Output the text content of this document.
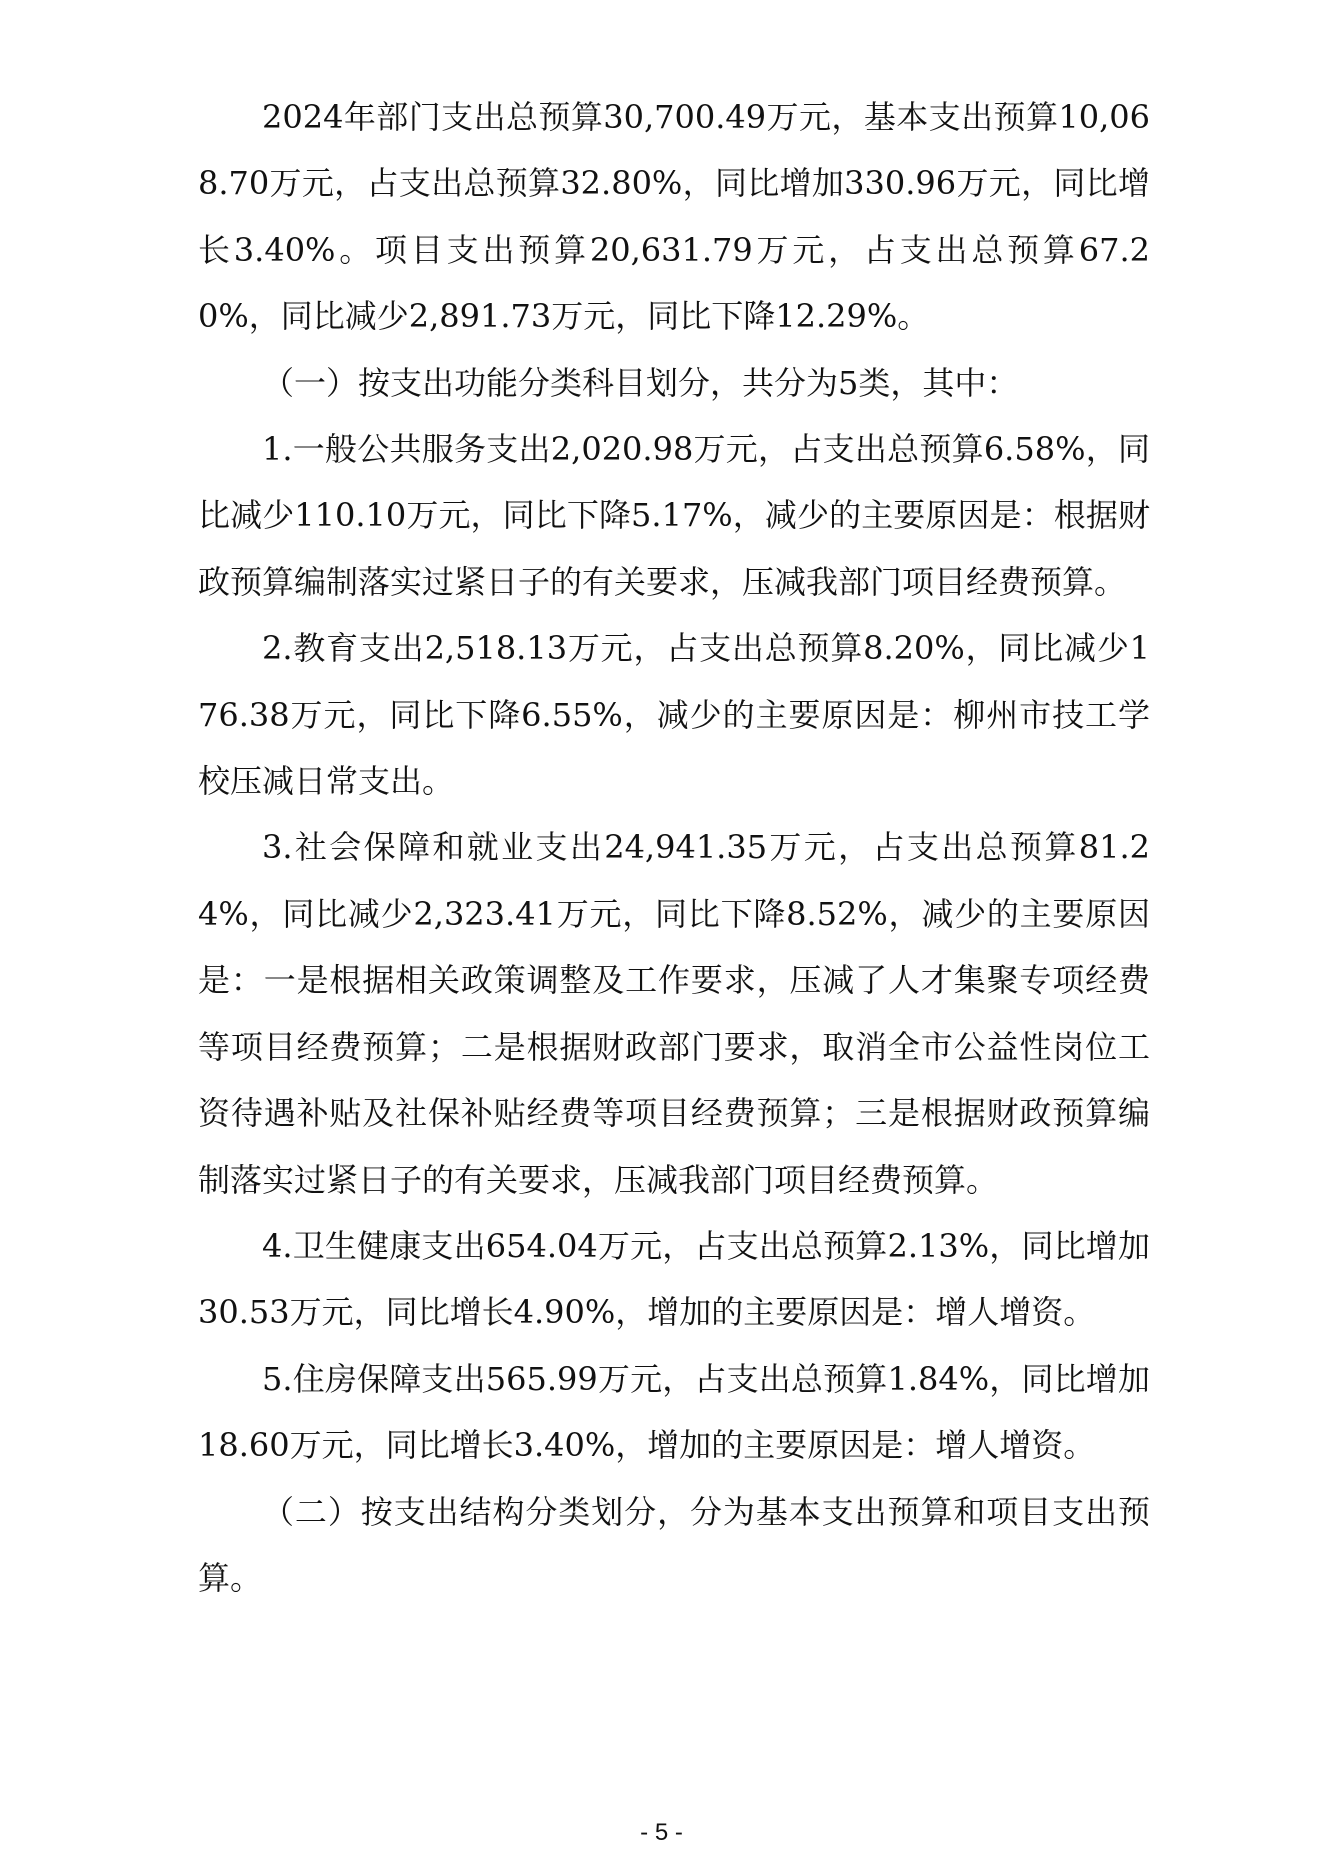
2024年部门支出总预算30,700.49万元，基本支出预算10,068.70万元，占支出总预算32.80%，同比增加330.96万元，同比增长3.40%。项目支出预算20,631.79万元，占支出总预算67.20%，同比减少2,891.73万元，同比下降12.29%。

（一）按支出功能分类科目划分，共分为5类，其中：

1.一般公共服务支出2,020.98万元，占支出总预算6.58%，同比减少110.10万元，同比下降5.17%，减少的主要原因是：根据财政预算编制落实过紧日子的有关要求，压减我部门项目经费预算。

2.教育支出2,518.13万元，占支出总预算8.20%，同比减少176.38万元，同比下降6.55%，减少的主要原因是：柳州市技工学校压减日常支出。

3.社会保障和就业支出24,941.35万元，占支出总预算81.24%，同比减少2,323.41万元，同比下降8.52%，减少的主要原因是：一是根据相关政策调整及工作要求，压减了人才集聚专项经费等项目经费预算；二是根据财政部门要求，取消全市公益性岗位工资待遇补贴及社保补贴经费等项目经费预算；三是根据财政预算编制落实过紧日子的有关要求，压减我部门项目经费预算。

4.卫生健康支出654.04万元，占支出总预算2.13%，同比增加30.53万元，同比增长4.90%，增加的主要原因是：增人增资。

5.住房保障支出565.99万元，占支出总预算1.84%，同比增加18.60万元，同比增长3.40%，增加的主要原因是：增人增资。

（二）按支出结构分类划分，分为基本支出预算和项目支出预算。

- 5 -
